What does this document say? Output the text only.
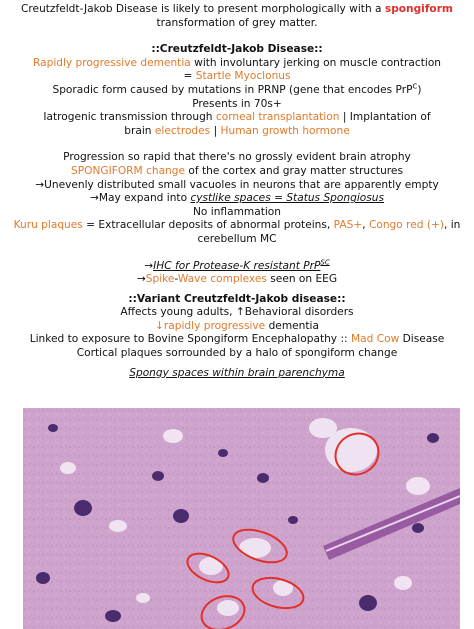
Creutzfeldt-Jakob Disease is likely to present morphologically with a spongiform
transformation of grey matter.
::Creutzfeldt-Jakob Disease::
Rapidly progressive dementia with involuntary jerking on muscle contraction
= Startle Myoclonus
Sporadic form caused by mutations in PRNP (gene that encodes PrP$^C$)
Presents in 70s+
Iatrogenic transmission through corneal transplantation | Implantation of
brain electrodes | Human growth hormone
Progression so rapid that there's no grossly evident brain atrophy
SPONGIFORM change of the cortex and gray matter structures
→Unevenly distributed small vacuoles in neurons that are apparently empty
→May expand into cystlike spaces = Status Spongiosus
No inflammation
Kuru plaques = Extracellular deposits of abnormal proteins, PAS+, Congo red (+), in
cerebellum MC
→IHC for Protease-K resistant PrP$^{SC}$
→Spike-Wave complexes seen on EEG
::Variant Creutzfeldt-Jakob disease::
Affects young adults, ↑Behavioral disorders
↓rapidly progressive dementia
Linked to exposure to Bovine Spongiform Encephalopathy :: Mad Cow Disease
Cortical plaques sorrounded by a halo of spongiform change
Spongy spaces within brain parenchyma
